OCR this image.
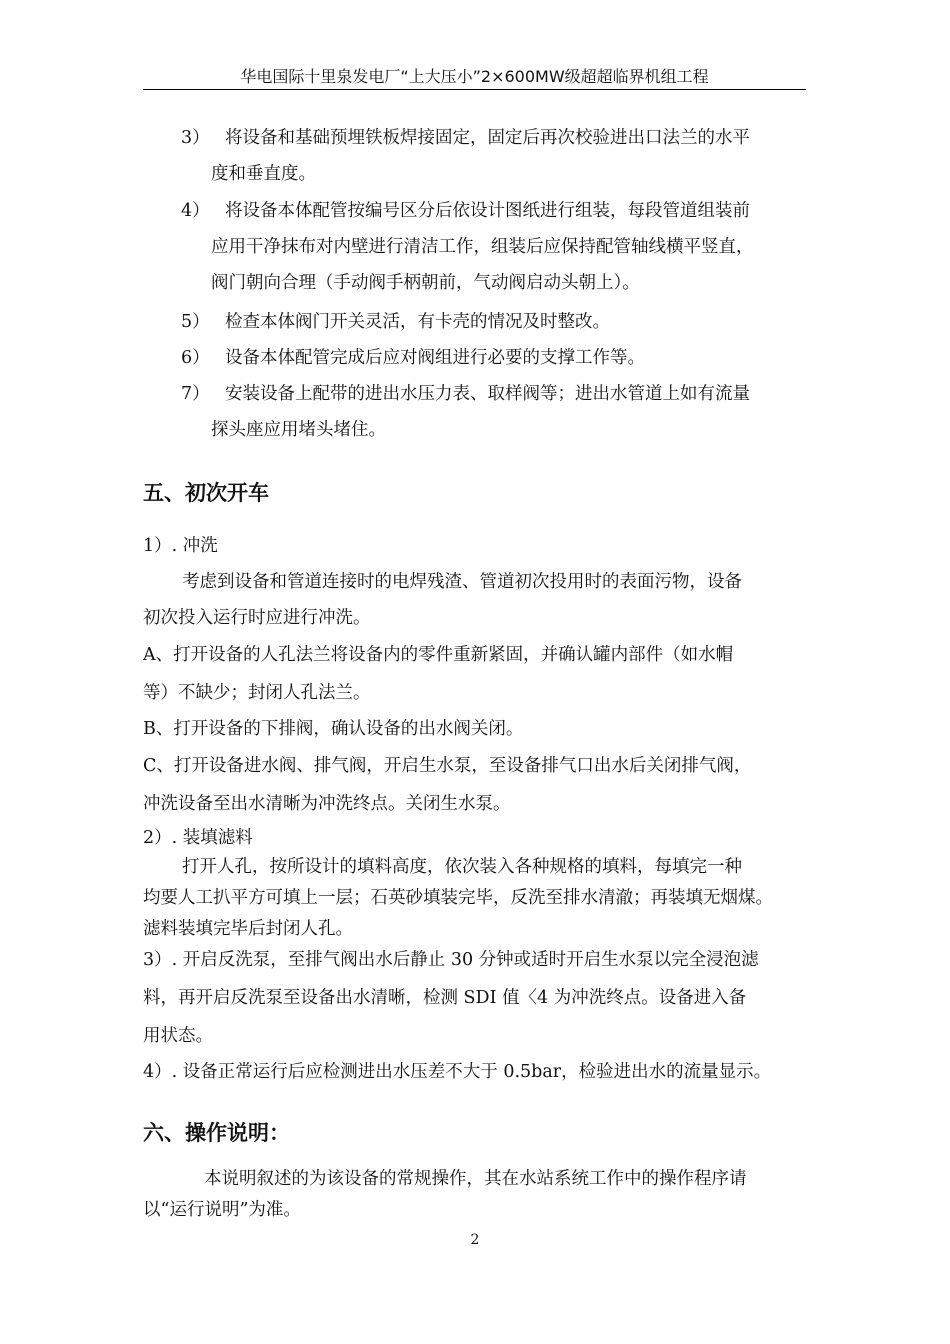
华电国际十里泉发电厂“上大压小”2×600MW级超超临界机组工程
3） 将设备和基础预埋铁板焊接固定，固定后再次校验进出口法兰的水平
度和垂直度。
4） 将设备本体配管按编号区分后依设计图纸进行组装，每段管道组装前
应用干净抹布对内壁进行清洁工作，组装后应保持配管轴线横平竖直，
阀门朝向合理（手动阀手柄朝前，气动阀启动头朝上）。
5） 检查本体阀门开关灵活，有卡壳的情况及时整改。
6） 设备本体配管完成后应对阀组进行必要的支撑工作等。
7） 安装设备上配带的进出水压力表、取样阀等；进出水管道上如有流量
探头座应用堵头堵住。
五、初次开车
1）. 冲洗
考虑到设备和管道连接时的电焊残渣、管道初次投用时的表面污物，设备
初次投入运行时应进行冲洗。
A、打开设备的人孔法兰将设备内的零件重新紧固，并确认罐内部件（如水帽
等）不缺少；封闭人孔法兰。
B、打开设备的下排阀，确认设备的出水阀关闭。
C、打开设备进水阀、排气阀，开启生水泵，至设备排气口出水后关闭排气阀，
冲洗设备至出水清晰为冲洗终点。关闭生水泵。
2）. 装填滤料
打开人孔，按所设计的填料高度，依次装入各种规格的填料，每填完一种
均要人工扒平方可填上一层；石英砂填装完毕，反洗至排水清澈；再装填无烟煤。
滤料装填完毕后封闭人孔。
3）. 开启反洗泵，至排气阀出水后静止 30 分钟或适时开启生水泵以完全浸泡滤
料，再开启反洗泵至设备出水清晰，检测 SDI 值〈4 为冲洗终点。设备进入备
用状态。
4）. 设备正常运行后应检测进出水压差不大于 0.5bar，检验进出水的流量显示。
六、操作说明：
本说明叙述的为该设备的常规操作，其在水站系统工作中的操作程序请
以“运行说明”为准。
2
